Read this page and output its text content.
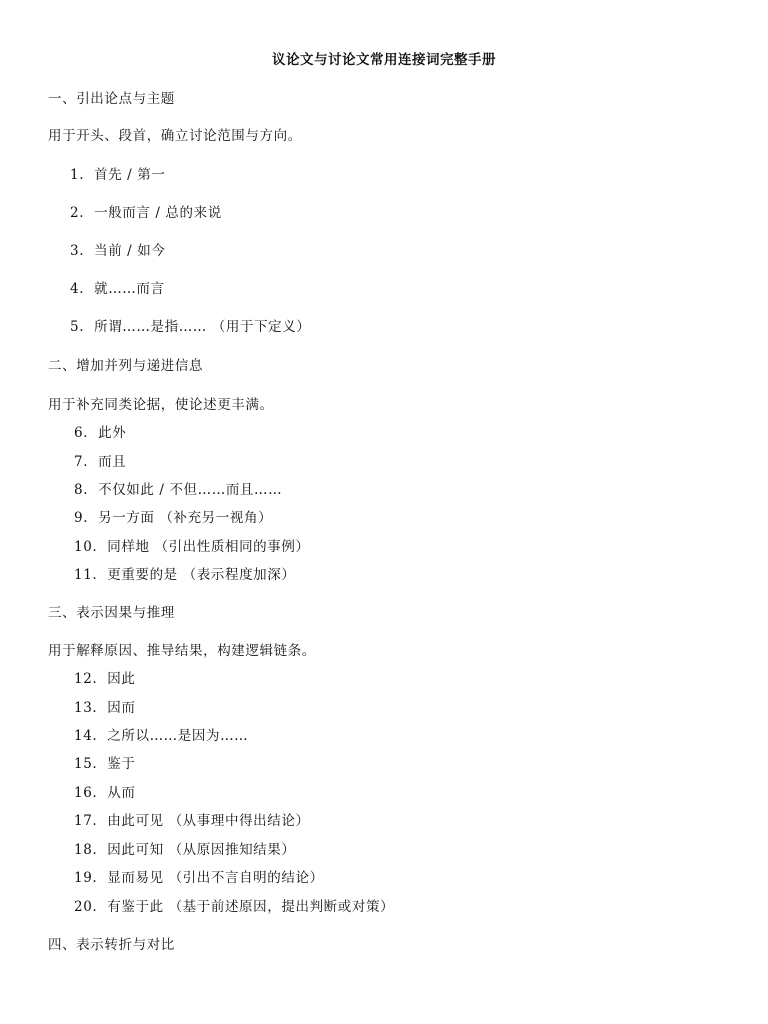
议论文与讨论文常用连接词完整手册
一、引出论点与主题
用于开头、段首，确立讨论范围与方向。
1. 首先 / 第一
2. 一般而言 / 总的来说
3. 当前 / 如今
4. 就……而言
5. 所谓……是指…… （用于下定义）
二、增加并列与递进信息
用于补充同类论据，使论述更丰满。
6. 此外
7. 而且
8. 不仅如此 / 不但……而且……
9. 另一方面 （补充另一视角）
10. 同样地 （引出性质相同的事例）
11. 更重要的是 （表示程度加深）
三、表示因果与推理
用于解释原因、推导结果，构建逻辑链条。
12. 因此
13. 因而
14. 之所以……是因为……
15. 鉴于
16. 从而
17. 由此可见 （从事理中得出结论）
18. 因此可知 （从原因推知结果）
19. 显而易见 （引出不言自明的结论）
20. 有鉴于此 （基于前述原因，提出判断或对策）
四、表示转折与对比
